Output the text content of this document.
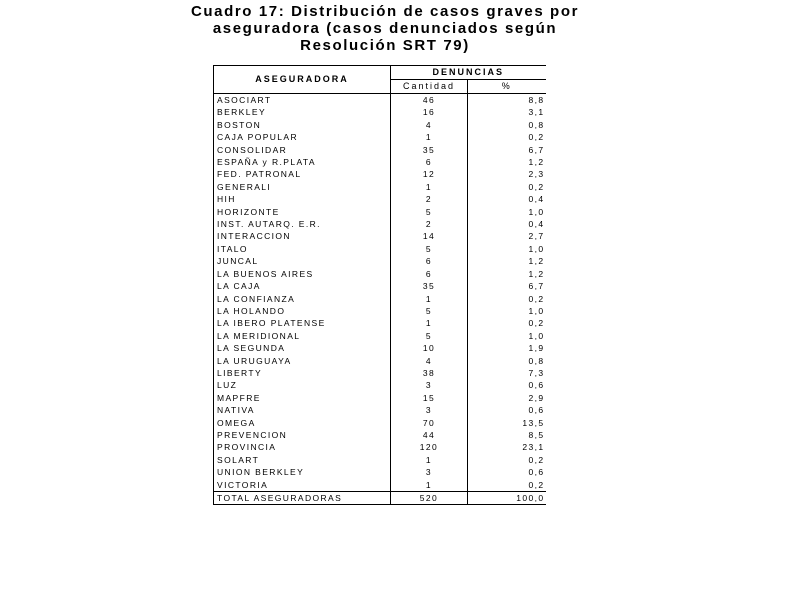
Cuadro 17: Distribución de casos graves por
aseguradora (casos denunciados según
Resolución SRT 79)
ASEGURADORA	DENUNCIAS	
	Cantidad	%
ASOCIART	46	8,8
BERKLEY	16	3,1
BOSTON	4	0,8
CAJA POPULAR	1	0,2
CONSOLIDAR	35	6,7
ESPAÑA y R.PLATA	6	1,2
FED. PATRONAL	12	2,3
GENERALI	1	0,2
HIH	2	0,4
HORIZONTE	5	1,0
INST. AUTARQ. E.R.	2	0,4
INTERACCION	14	2,7
ITALO	5	1,0
JUNCAL	6	1,2
LA BUENOS AIRES	6	1,2
LA CAJA	35	6,7
LA CONFIANZA	1	0,2
LA HOLANDO	5	1,0
LA IBERO PLATENSE	1	0,2
LA MERIDIONAL	5	1,0
LA SEGUNDA	10	1,9
LA URUGUAYA	4	0,8
LIBERTY	38	7,3
LUZ	3	0,6
MAPFRE	15	2,9
NATIVA	3	0,6
OMEGA	70	13,5
PREVENCION	44	8,5
PROVINCIA	120	23,1
SOLART	1	0,2
UNION BERKLEY	3	0,6
VICTORIA	1	0,2
TOTAL ASEGURADORAS	520	100,0
